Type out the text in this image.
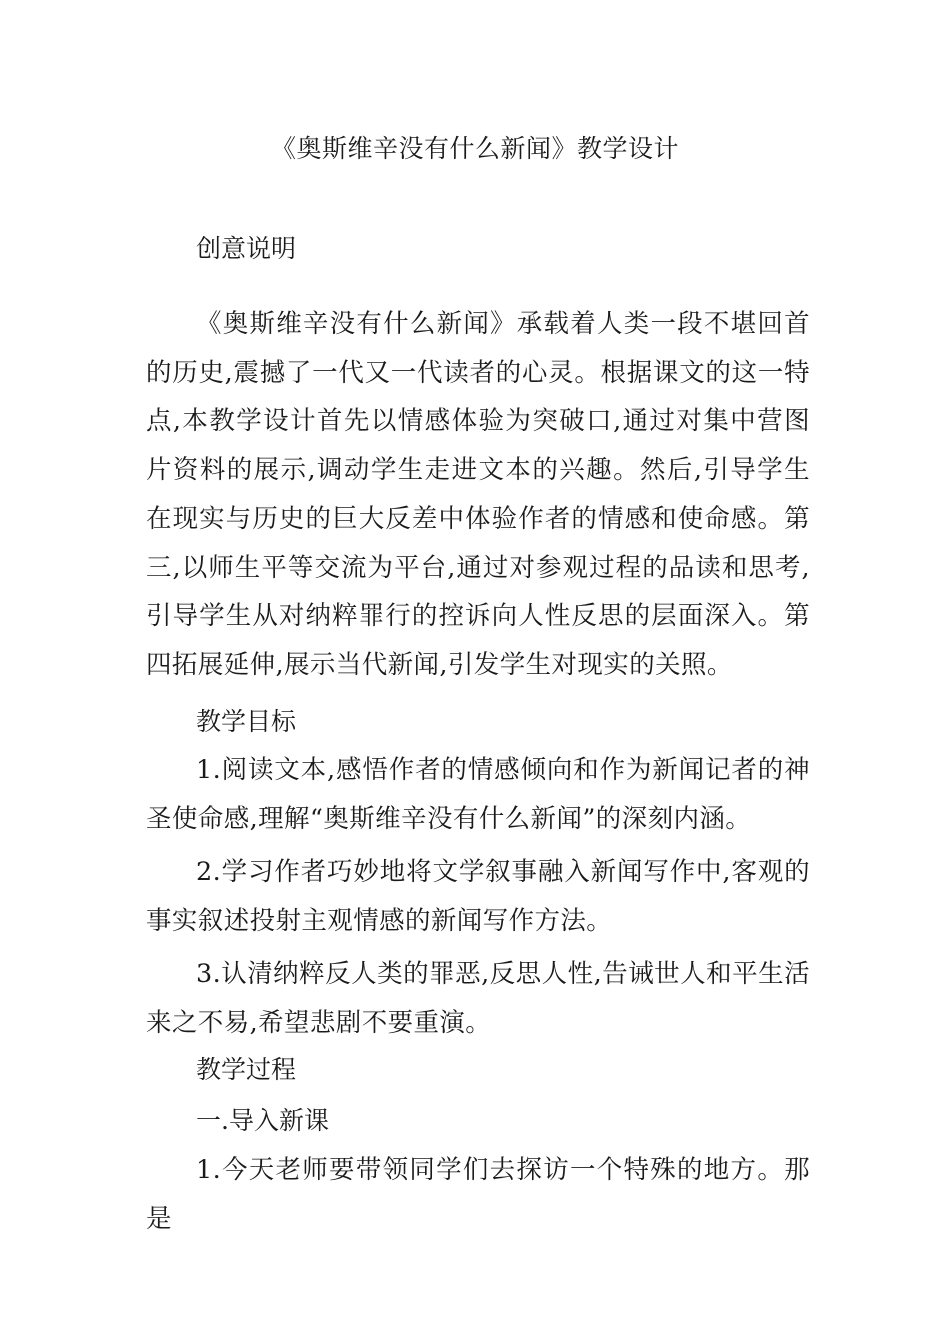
《奥斯维辛没有什么新闻》教学设计
创意说明

《奥斯维辛没有什么新闻》承载着人类一段不堪回首的历史,震撼了一代又一代读者的心灵。根据课文的这一特点,本教学设计首先以情感体验为突破口,通过对集中营图片资料的展示,调动学生走进文本的兴趣。然后,引导学生在现实与历史的巨大反差中体验作者的情感和使命感。第三,以师生平等交流为平台,通过对参观过程的品读和思考,引导学生从对纳粹罪行的控诉向人性反思的层面深入。第四拓展延伸,展示当代新闻,引发学生对现实的关照。

教学目标

1.阅读文本,感悟作者的情感倾向和作为新闻记者的神圣使命感,理解“奥斯维辛没有什么新闻”的深刻内涵。

2.学习作者巧妙地将文学叙事融入新闻写作中,客观的事实叙述投射主观情感的新闻写作方法。

3.认清纳粹反人类的罪恶,反思人性,告诫世人和平生活来之不易,希望悲剧不要重演。

教学过程
一.导入新课

1.今天老师要带领同学们去探访一个特殊的地方。那是
